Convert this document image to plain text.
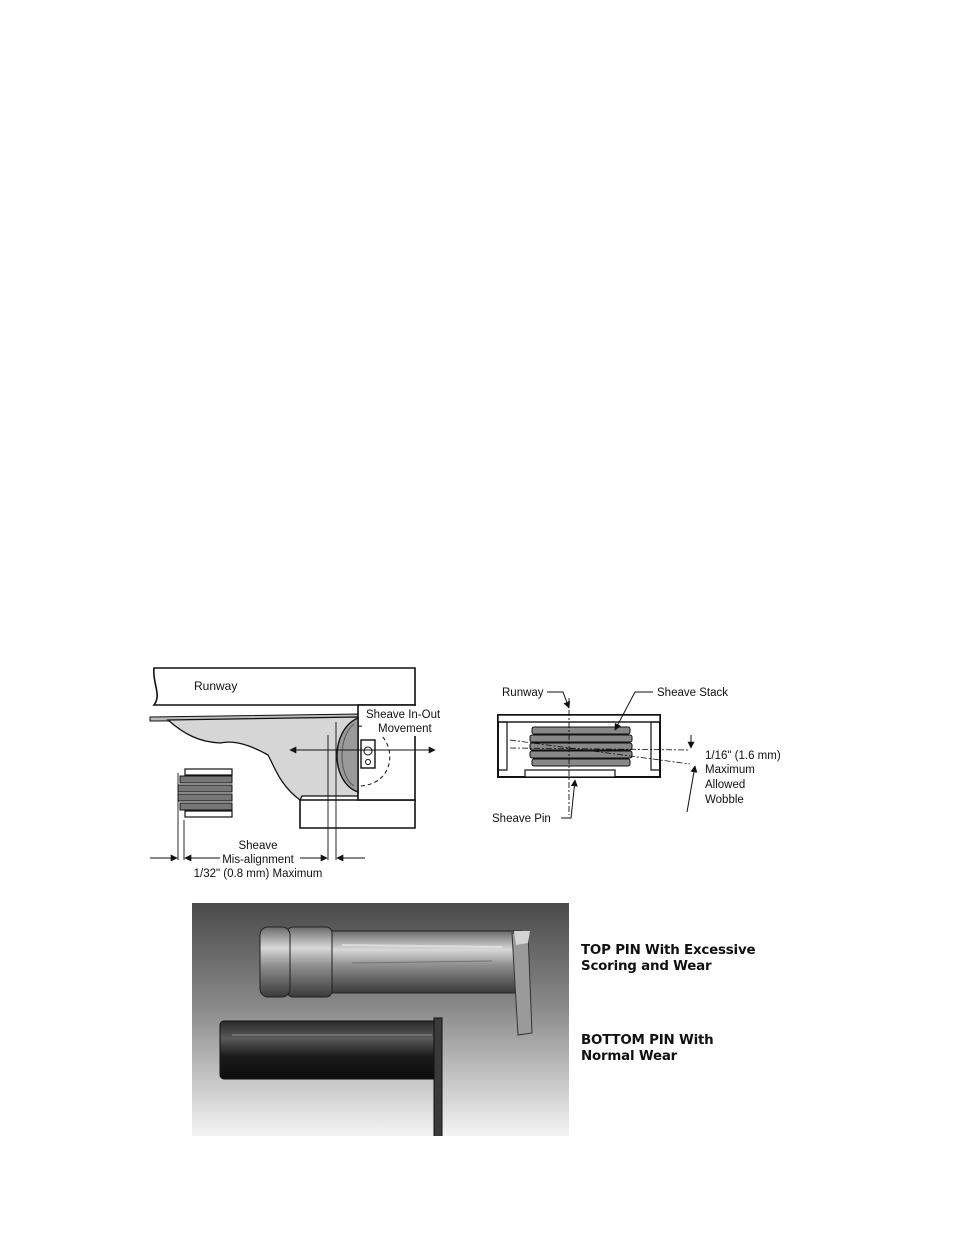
Runway
Sheave In-Out
Movement
Sheave
Mis-alignment
1/32" (0.8 mm) Maximum
Runway	Sheave Stack
Sheave Pin
1/16" (1.6 mm)
Maximum
Allowed
Wobble
TOP PIN With Excessive
Scoring and Wear
BOTTOM PIN With
Normal Wear
